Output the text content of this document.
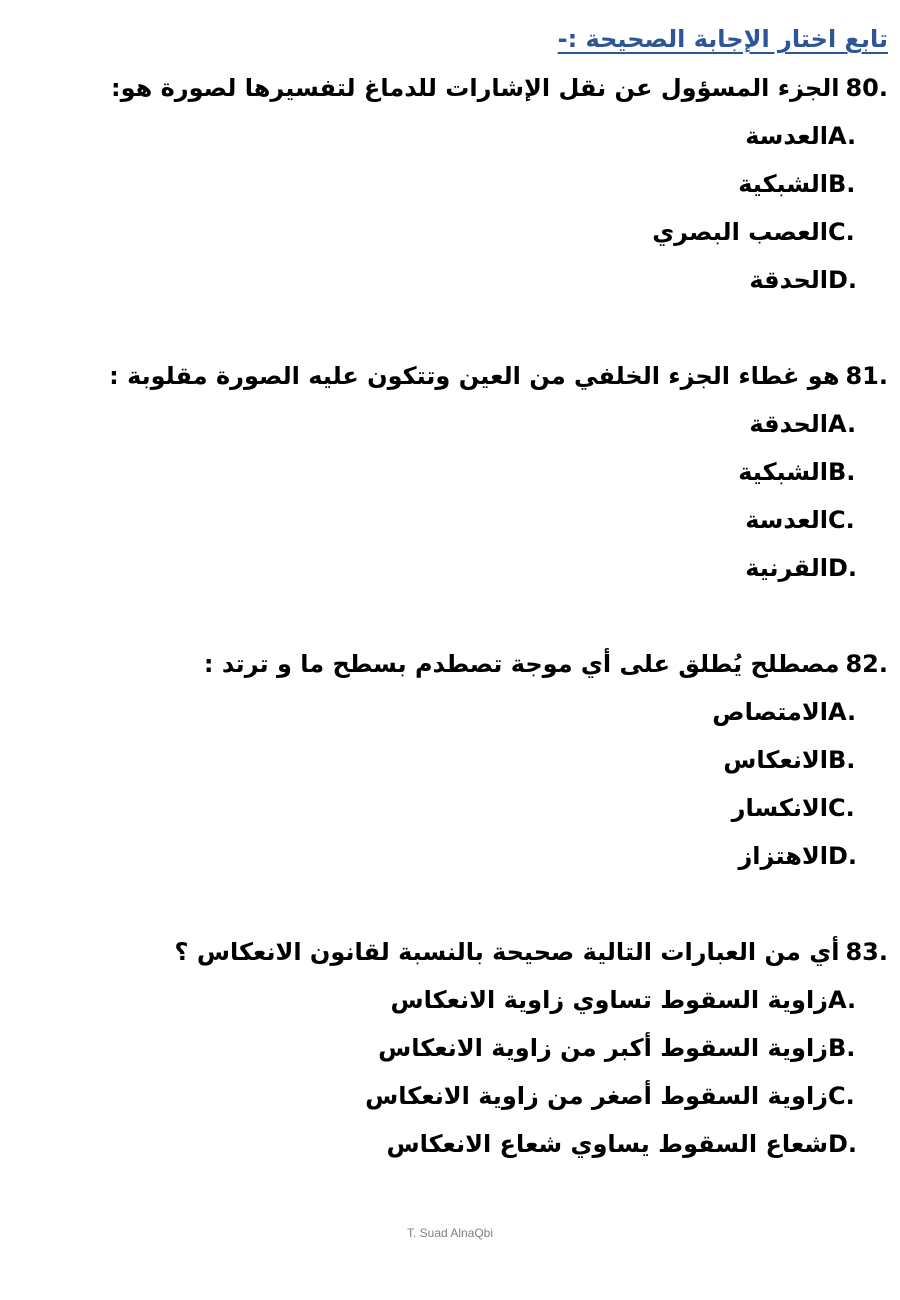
تابع اختار الإجابة الصحيحة :-
80.الجزء المسؤول عن نقل الإشارات للدماغ لتفسيرها لصورة هو:
A.العدسة
B.الشبكية
C.العصب البصري
D.الحدقة
81.هو غطاء الجزء الخلفي من العين وتتكون عليه الصورة مقلوبة :
A.الحدقة
B.الشبكية
C.العدسة
D.القرنية
82.مصطلح يُطلق على أي موجة تصطدم بسطح ما و ترتد :
A.الامتصاص
B.الانعكاس
C.الانكسار
D.الاهتزاز
83.أي من العبارات التالية صحيحة بالنسبة لقانون الانعكاس ؟
A.زاوية السقوط تساوي زاوية الانعكاس
B.زاوية السقوط أكبر من زاوية الانعكاس
C.زاوية السقوط أصغر من زاوية الانعكاس
D.شعاع السقوط يساوي شعاع الانعكاس
T. Suad AlnaQbi
